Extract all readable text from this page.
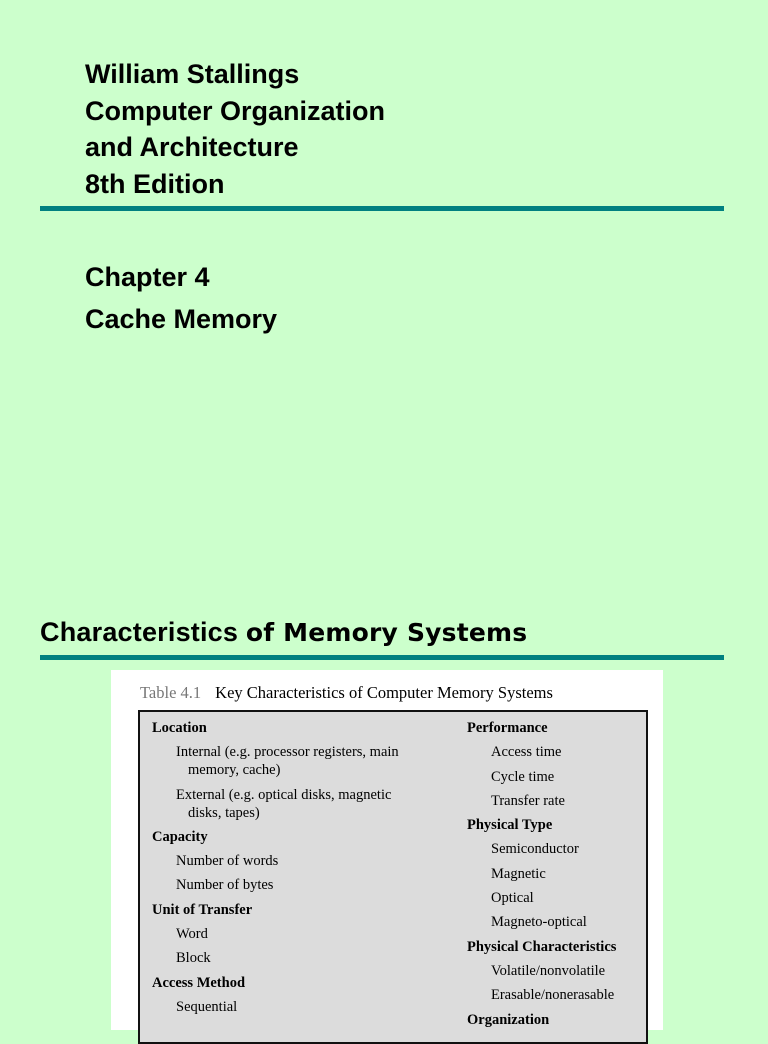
William Stallings
Computer Organization
and Architecture
8th Edition
Chapter 4
Cache Memory
Characteristics of Memory Systems
Table 4.1 Key Characteristics of Computer Memory Systems
Location
Internal (e.g. processor registers, main
memory, cache)
External (e.g. optical disks, magnetic
disks, tapes)
Capacity
Number of words
Number of bytes
Unit of Transfer
Word
Block
Access Method
Sequential
Performance
Access time
Cycle time
Transfer rate
Physical Type
Semiconductor
Magnetic
Optical
Magneto-optical
Physical Characteristics
Volatile/nonvolatile
Erasable/nonerasable
Organization
